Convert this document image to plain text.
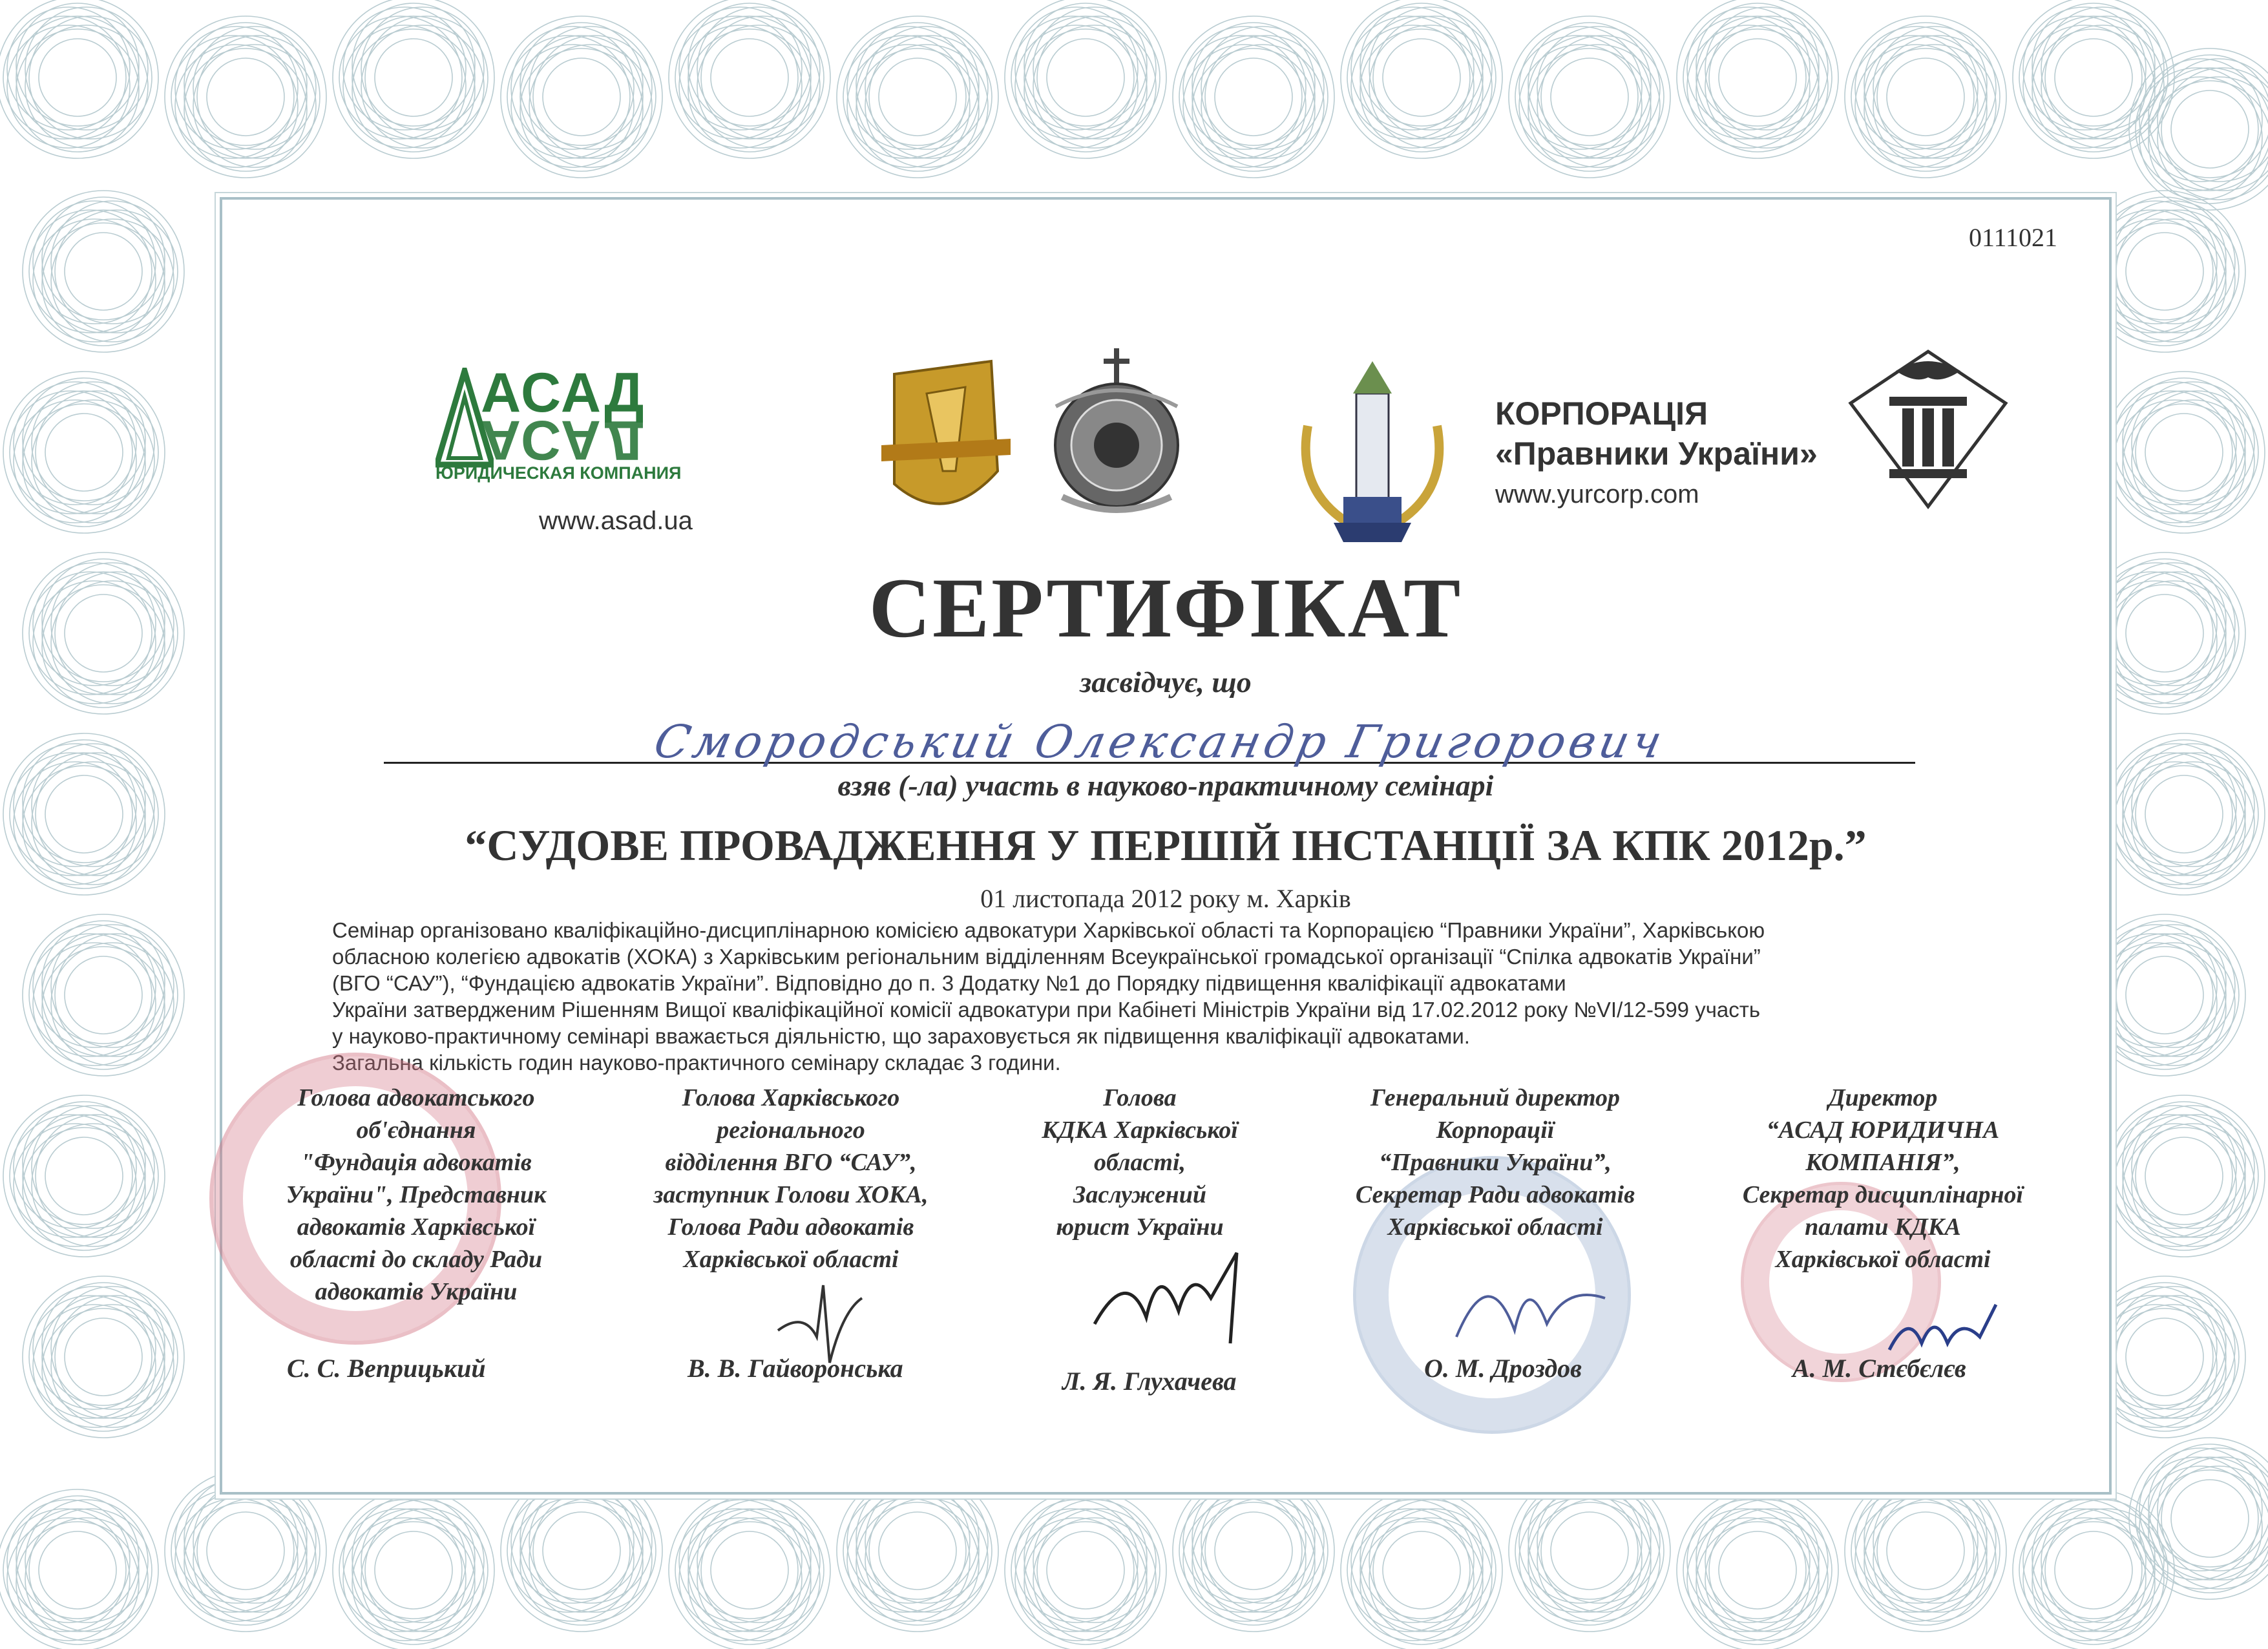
0111021
АСАД
АСАД
ЮРИДИЧЕСКАЯ КОМПАНИЯ
www.asad.ua
КОРПОРАЦІЯ
«Правники України»
www.yurcorp.com
СЕРТИФІКАТ
засвідчує, що
Смородський Олександр Григорович
взяв (-ла) участь в науково-практичному семінарі
“СУДОВЕ ПРОВАДЖЕННЯ У ПЕРШІЙ ІНСТАНЦІЇ ЗА КПК 2012р.”
01 листопада 2012 року м. Харків
Семінар організовано кваліфікаційно-дисциплінарною комісією адвокатури Харківської області та Корпорацією “Правники України”, Харківською
обласною колегією адвокатів (ХОКА) з Харківським регіональним відділенням Всеукраїнської громадської організації “Спілка адвокатів України”
(ВГО “САУ”), “Фундацією адвокатів України”. Відповідно до п. 3 Додатку №1 до Порядку підвищення кваліфікації адвокатами
України затвердженим Рішенням Вищої кваліфікаційної комісії адвокатури при Кабінеті Міністрів України від 17.02.2012 року №VI/12-599 участь
у науково-практичному семінарі вважається діяльністю, що зараховується як підвищення кваліфікації адвокатами.
Загальна кількість годин науково-практичного семінару складає 3 години.
Голова адвокатського
об'єднання
"Фундація адвокатів
України", Представник
адвокатів Харківської
області до складу Ради
адвокатів України
Голова Харківського
регіонального
відділення ВГО “САУ”,
заступник Голови ХОКА,
Голова Ради адвокатів
Харківської області
Голова
КДКА Харківської
області,
Заслужений
юрист України
Генеральний директор
Корпорації
“Правники України”,
Секретар Ради адвокатів
Харківської області
Директор
“АСАД ЮРИДИЧНА
КОМПАНІЯ”,
Секретар дисциплінарної
палати КДКА
Харківської області
С. С. Веприцький	В. В. Гайворонська	Л. Я. Глухачева	О. М. Дроздов	А. М. Стєбєлєв
